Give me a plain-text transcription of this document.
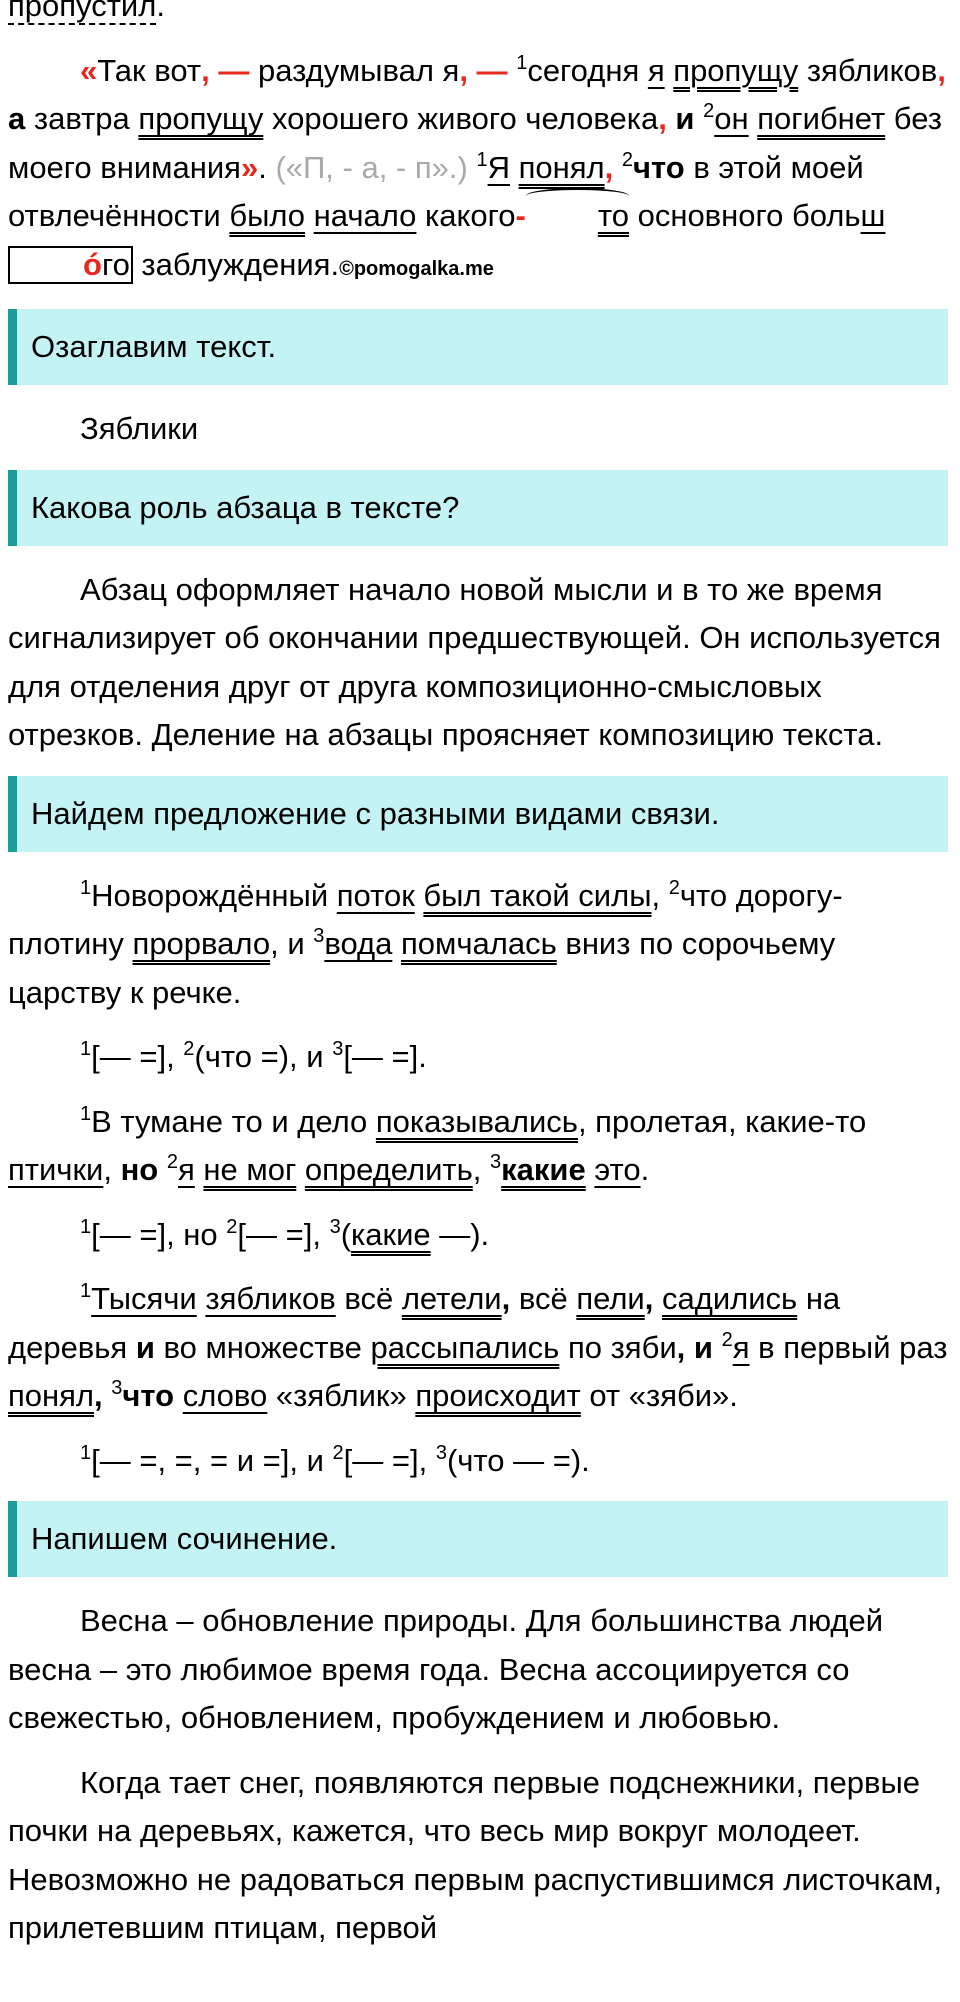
пропустил.

«Так вот, — раздумывал я, — $^1$сегодня я пропущу зябликов, а завтра пропущу хорошего живого человека, и $^2$он погибнет без моего внимания». («П, - а, - п».) $^1$Я понял, $^2$что в этой моей отвлечённости было начало какого- то основного большóго заблуждения.©pomogalka.me

Озаглавим текст.

Зяблики

Какова роль абзаца в тексте?

Абзац оформляет начало новой мысли и в то же время сигнализирует об окончании предшествующей. Он используется для отделения друг от друга композиционно-смысловых отрезков. Деление на абзацы проясняет композицию текста.

Найдем предложение с разными видами связи.

$^1$Новорождённый поток был такой силы, $^2$что дорогу-плотину прорвало, и $^3$вода помчалась вниз по сорочьему царству к речке.

$^1$[— =], $^2$(что =), и $^3$[— =].

$^1$В тумане то и дело показывались, пролетая, какие-то птички, но $^2$я не мог определить, $^3$какие это.

$^1$[— =], но $^2$[— =], $^3$(какие —).

$^1$Тысячи зябликов всё летели, всё пели, садились на деревья и во множестве рассыпались по зяби, и $^2$я в первый раз понял, $^3$что слово «зяблик» происходит от «зяби».

$^1$[— =, =, = и =], и $^2$[— =], $^3$(что — =).

Напишем сочинение.

Весна – обновление природы. Для большинства людей весна – это любимое время года. Весна ассоциируется со свежестью, обновлением, пробуждением и любовью.

Когда тает снег, появляются первые подснежники, первые почки на деревьях, кажется, что весь мир вокруг молодеет. Невозможно не радоваться первым распустившимся листочкам, прилетевшим птицам, первой
